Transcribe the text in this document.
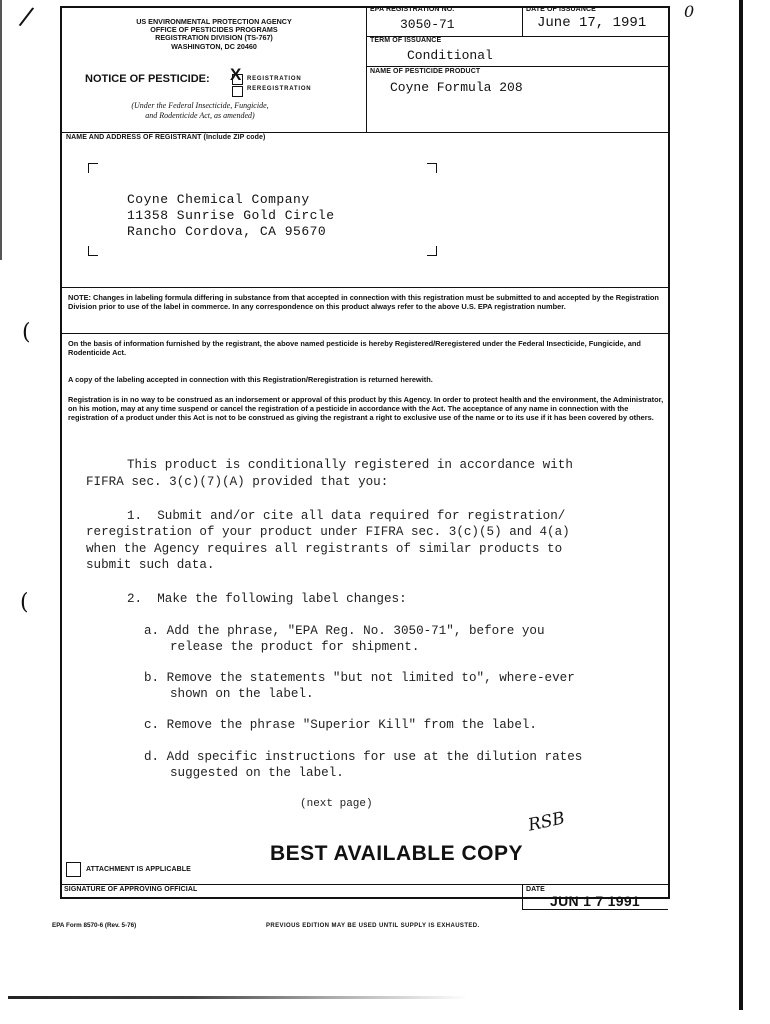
/	0
(
(
US ENVIRONMENTAL PROTECTION AGENCY
OFFICE OF PESTICIDES PROGRAMS
REGISTRATION DIVISION (TS-767)
WASHINGTON, DC 20460
NOTICE OF PESTICIDE: X REGISTRATION
REREGISTRATION
(Under the Federal Insecticide, Fungicide,
and Rodenticide Act, as amended)
EPA REGISTRATION NO.
3050-71
DATE OF ISSUANCE
June 17, 1991
TERM OF ISSUANCE
Conditional
NAME OF PESTICIDE PRODUCT
Coyne Formula 208
NAME AND ADDRESS OF REGISTRANT (Include ZIP code)
Coyne Chemical Company
11358 Sunrise Gold Circle
Rancho Cordova, CA 95670
NOTE: Changes in labeling formula differing in substance from that accepted in connection with this registration must be submitted to and accepted by the Registration Division prior to use of the label in commerce. In any correspondence on this product always refer to the above U.S. EPA registration number.
On the basis of information furnished by the registrant, the above named pesticide is hereby Registered/Reregistered under the Federal Insecticide, Fungicide, and Rodenticide Act.
A copy of the labeling accepted in connection with this Registration/Reregistration is returned herewith.
Registration is in no way to be construed as an indorsement or approval of this product by this Agency. In order to protect health and the environment, the Administrator, on his motion, may at any time suspend or cancel the registration of a pesticide in accordance with the Act. The acceptance of any name in connection with the registration of a product under this Act is not to be construed as giving the registrant a right to exclusive use of the name or to its use if it has been covered by others.
This product is conditionally registered in accordance with
FIFRA sec. 3(c)(7)(A) provided that you:
1.  Submit and/or cite all data required for registration/
reregistration of your product under FIFRA sec. 3(c)(5) and 4(a)
when the Agency requires all registrants of similar products to
submit such data.
2.  Make the following label changes:
a. Add the phrase, "EPA Reg. No. 3050-71", before you
release the product for shipment.
b. Remove the statements "but not limited to", where-ever
shown on the label.
c. Remove the phrase "Superior Kill" from the label.
d. Add specific instructions for use at the dilution rates
suggested on the label.
(next page)
RSB
BEST AVAILABLE COPY
ATTACHMENT IS APPLICABLE
SIGNATURE OF APPROVING OFFICIAL	DATE
JUN 1 7 1991
EPA Form 8570-6 (Rev. 5-76)	PREVIOUS EDITION MAY BE USED UNTIL SUPPLY IS EXHAUSTED.
